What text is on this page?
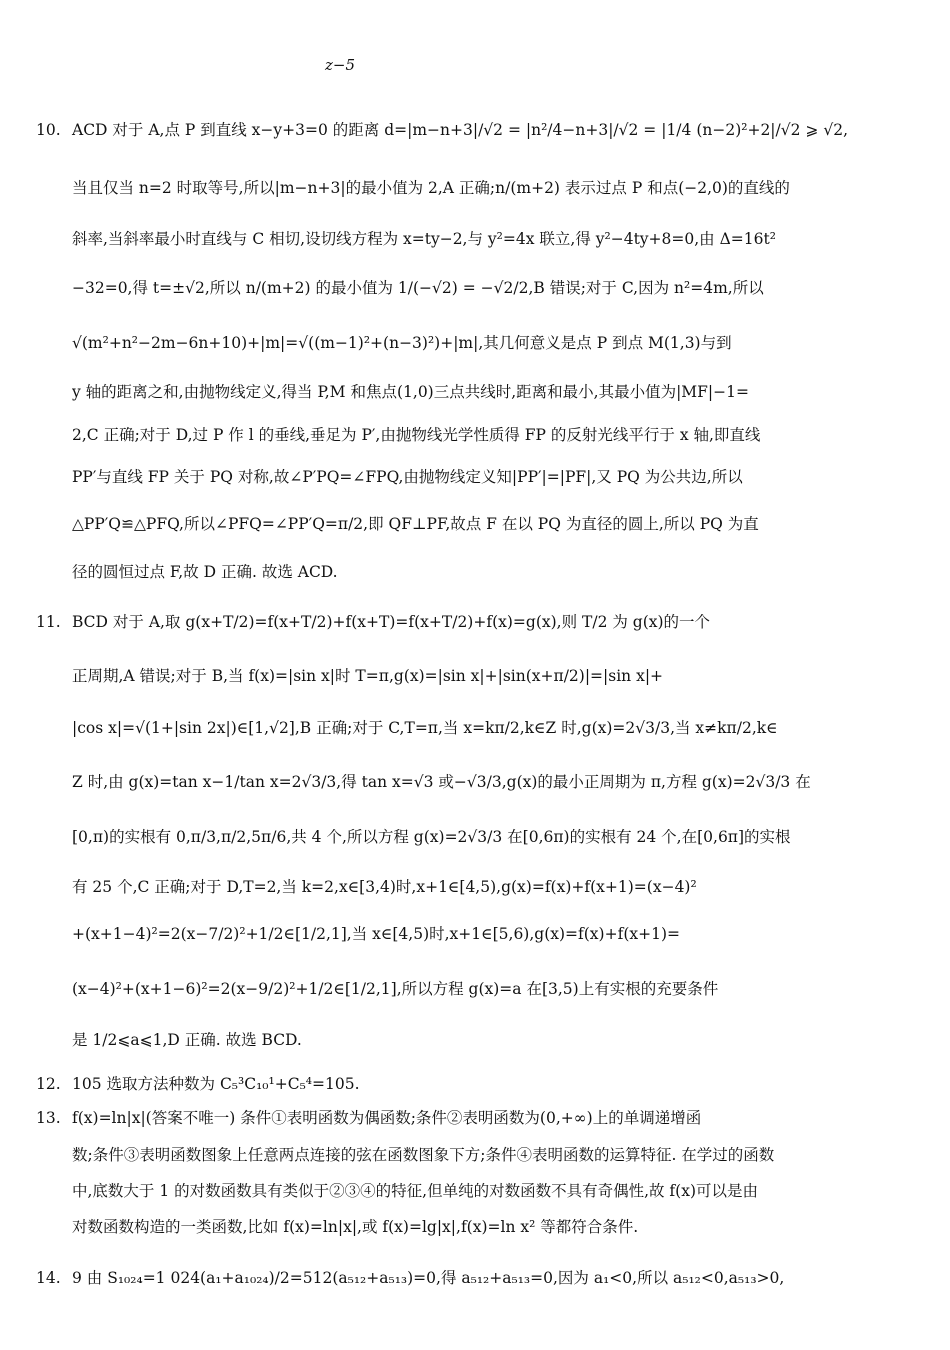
z−5
10. ACD 对于 A,点 P 到直线 x−y+3=0 的距离 d=|m−n+3|/√2 = |n²/4−n+3|/√2 = |1/4 (n−2)²+2|/√2 ⩾ √2,
当且仅当 n=2 时取等号,所以|m−n+3|的最小值为 2,A 正确;n/(m+2) 表示过点 P 和点(−2,0)的直线的
斜率,当斜率最小时直线与 C 相切,设切线方程为 x=ty−2,与 y²=4x 联立,得 y²−4ty+8=0,由 Δ=16t²
−32=0,得 t=±√2,所以 n/(m+2) 的最小值为 1/(−√2) = −√2/2,B 错误;对于 C,因为 n²=4m,所以
√(m²+n²−2m−6n+10)+|m|=√((m−1)²+(n−3)²)+|m|,其几何意义是点 P 到点 M(1,3)与到
y 轴的距离之和,由抛物线定义,得当 P,M 和焦点(1,0)三点共线时,距离和最小,其最小值为|MF|−1=
2,C 正确;对于 D,过 P 作 l 的垂线,垂足为 P′,由抛物线光学性质得 FP 的反射光线平行于 x 轴,即直线
PP′与直线 FP 关于 PQ 对称,故∠P′PQ=∠FPQ,由抛物线定义知|PP′|=|PF|,又 PQ 为公共边,所以
△PP′Q≌△PFQ,所以∠PFQ=∠PP′Q=π/2,即 QF⊥PF,故点 F 在以 PQ 为直径的圆上,所以 PQ 为直
径的圆恒过点 F,故 D 正确. 故选 ACD.
11. BCD 对于 A,取 g(x+T/2)=f(x+T/2)+f(x+T)=f(x+T/2)+f(x)=g(x),则 T/2 为 g(x)的一个
正周期,A 错误;对于 B,当 f(x)=|sin x|时 T=π,g(x)=|sin x|+|sin(x+π/2)|=|sin x|+
|cos x|=√(1+|sin 2x|)∈[1,√2],B 正确;对于 C,T=π,当 x=kπ/2,k∈Z 时,g(x)=2√3/3,当 x≠kπ/2,k∈
Z 时,由 g(x)=tan x−1/tan x=2√3/3,得 tan x=√3 或−√3/3,g(x)的最小正周期为 π,方程 g(x)=2√3/3 在
[0,π)的实根有 0,π/3,π/2,5π/6,共 4 个,所以方程 g(x)=2√3/3 在[0,6π)的实根有 24 个,在[0,6π]的实根
有 25 个,C 正确;对于 D,T=2,当 k=2,x∈[3,4)时,x+1∈[4,5),g(x)=f(x)+f(x+1)=(x−4)²
+(x+1−4)²=2(x−7/2)²+1/2∈[1/2,1],当 x∈[4,5)时,x+1∈[5,6),g(x)=f(x)+f(x+1)=
(x−4)²+(x+1−6)²=2(x−9/2)²+1/2∈[1/2,1],所以方程 g(x)=a 在[3,5)上有实根的充要条件
是 1/2⩽a⩽1,D 正确. 故选 BCD.
12. 105 选取方法种数为 C₅³C₁₀¹+C₅⁴=105.
13. f(x)=ln|x|(答案不唯一) 条件①表明函数为偶函数;条件②表明函数为(0,+∞)上的单调递增函
数;条件③表明函数图象上任意两点连接的弦在函数图象下方;条件④表明函数的运算特征. 在学过的函数
中,底数大于 1 的对数函数具有类似于②③④的特征,但单纯的对数函数不具有奇偶性,故 f(x)可以是由
对数函数构造的一类函数,比如 f(x)=ln|x|,或 f(x)=lg|x|,f(x)=ln x² 等都符合条件.
14. 9 由 S₁₀₂₄=1 024(a₁+a₁₀₂₄)/2=512(a₅₁₂+a₅₁₃)=0,得 a₅₁₂+a₅₁₃=0,因为 a₁<0,所以 a₅₁₂<0,a₅₁₃>0,
